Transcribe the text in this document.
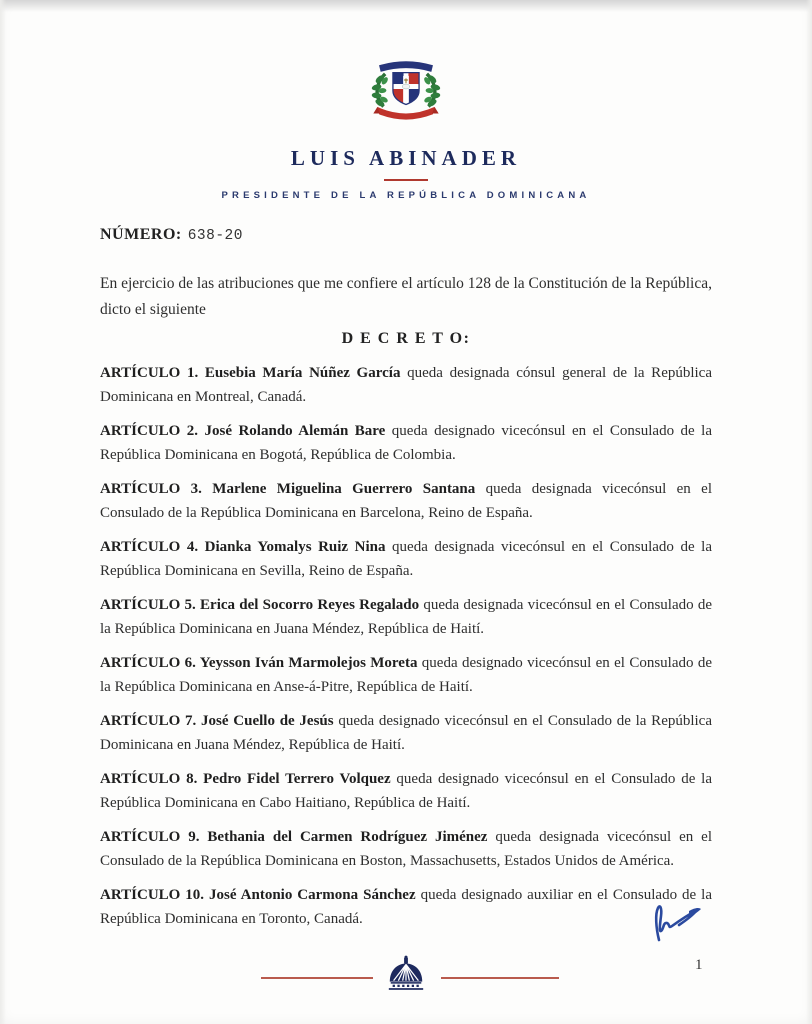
LUIS ABINADER
PRESIDENTE DE LA REPÚBLICA DOMINICANA

NÚMERO: 638-20

En ejercicio de las atribuciones que me confiere el artículo 128 de la Constitución de la República, dicto el siguiente

D E C R E T O:

ARTÍCULO 1. Eusebia María Núñez García queda designada cónsul general de la República Dominicana en Montreal, Canadá.

ARTÍCULO 2. José Rolando Alemán Bare queda designado vicecónsul en el Consulado de la República Dominicana en Bogotá, República de Colombia.

ARTÍCULO 3. Marlene Miguelina Guerrero Santana queda designada vicecónsul en el Consulado de la República Dominicana en Barcelona, Reino de España.

ARTÍCULO 4. Dianka Yomalys Ruiz Nina queda designada vicecónsul en el Consulado de la República Dominicana en Sevilla, Reino de España.

ARTÍCULO 5. Erica del Socorro Reyes Regalado queda designada vicecónsul en el Consulado de la República Dominicana en Juana Méndez, República de Haití.

ARTÍCULO 6. Yeysson Iván Marmolejos Moreta queda designado vicecónsul en el Consulado de la República Dominicana en Anse-á-Pitre, República de Haití.

ARTÍCULO 7. José Cuello de Jesús queda designado vicecónsul en el Consulado de la República Dominicana en Juana Méndez, República de Haití.

ARTÍCULO 8. Pedro Fidel Terrero Volquez queda designado vicecónsul en el Consulado de la República Dominicana en Cabo Haitiano, República de Haití.

ARTÍCULO 9. Bethania del Carmen Rodríguez Jiménez queda designada vicecónsul en el Consulado de la República Dominicana en Boston, Massachusetts, Estados Unidos de América.

ARTÍCULO 10. José Antonio Carmona Sánchez queda designado auxiliar en el Consulado de la República Dominicana en Toronto, Canadá.

1
